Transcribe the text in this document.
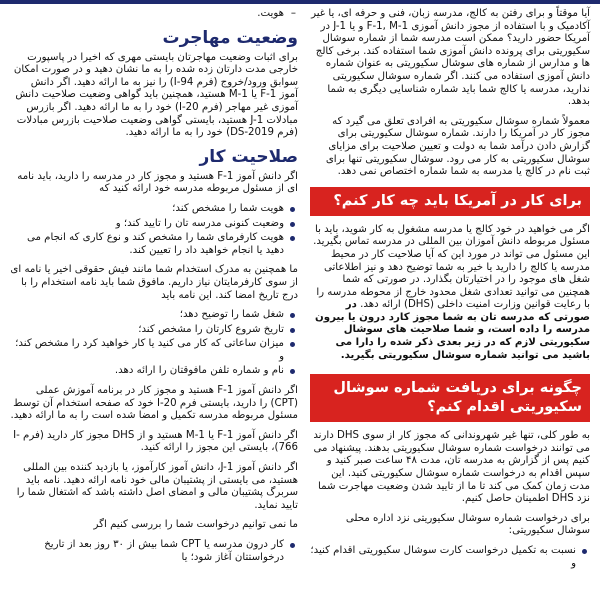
آیا موقتاً و برای رفتن به کالج، مدرسه زبان، فنی و حرفه ای، یا غیر آکادمیک و با استفاده از مجوز دانش آموزی F-1, M-1 و یا J-1 در آمریکا حضور دارید؟ ممکن است مدرسه شما از شماره سوشال سکیوریتی برای پرونده دانش آموزی شما استفاده کند. برخی کالج ها و مدارس از شماره های سوشال سکیوریتی به عنوان شماره دانش آموزی استفاده می کنند. اگر شماره سوشال سکیوریتی ندارید، مدرسه یا کالج شما باید شماره شناسایی دیگری به شما بدهد.

معمولاً شماره سوشال سکیوریتی به افرادی تعلق می گیرد که مجوز کار در آمریکا را دارند. شماره سوشال سکیوریتی برای گزارش دادن درآمد شما به دولت و تعیین صلاحیت برای مزایای سوشال سکیوریتی به کار می رود. سوشال سکیوریتی تنها برای ثبت نام در کالج یا مدرسه به شما شماره اختصاص نمی دهد.

برای کار در آمریکا باید چه کار کنم؟

اگر می خواهید در خود کالج یا مدرسه مشغول به کار شوید، باید با مسئول مربوطه دانش آموزان بین المللی در مدرسه تماس بگیرید. این مسئول می تواند در مورد این که آیا صلاحیت کار در محیط مدرسه یا کالج را دارید یا خیر به شما توضیح دهد و نیز اطلاعاتی شغل های موجود را در اختیارتان بگذارد. در صورتی که شما همچنین می توانید تعدادی شغل محدود خارج از محوطه مدرسه را با رعایت قوانین وزارت امنیت داخلی (DHS) ارائه دهد. در صورتی که مدرسه تان به شما مجوز کارد درون یا بیرون مدرسه را داده است، و شما صلاحیت های سوشال سکیوریتی لازم که در زیر بعدی ذکر شده را دارا می باشید می توانید شماره سوشال سکیوریتی بگیرید.

چگونه برای دریافت شماره سوشال سکیوریتی اقدام کنم؟

به طور کلی، تنها غیر شهروندانی که مجوز کار از سوی DHS دارند می توانند درخواست شماره سوشال سکیوریتی بدهند. پیشنهاد می کنیم پس از گزارش به مدرسه تان، مدت ۴۸ ساعت صبر کنید و سپس اقدام به درخواست شماره سوشال سکیوریتی کنید. این مدت زمان کمک می کند تا ما از تایید شدن وضعیت مهاجرت شما نزد DHS اطمینان حاصل کنیم.

برای درخواست شماره سوشال سکیوریتی نزد اداره محلی سوشال سکیوریتی:

نسبت به تکمیل درخواست کارت سوشال سکیوریتی اقدام کنید؛ و
– هویت.
وضعیت مهاجرت

برای اثبات وضعیت مهاجرتان بایستی مهری که اخیرا در پاسپورت خارجی مدت دارتان زده شده را به ما نشان دهید و در صورت امکان سوابق ورود/خروج (فرم I-94) را نیز به ما ارائه دهید. اگر دانش آموز F-1 یا M-1 هستید، همچنین باید گواهی وضعیت صلاحیت دانش آموزی غیر مهاجر (فرم I-20) خود را به ما ارائه دهید. اگر بازرس مبادلات J-1 هستید، بایستی گواهی وضعیت صلاحیت بازرس مبادلات (فرم DS-2019) خود را به ما ارائه دهید.

صلاحیت کار

اگر دانش آموز F-1 هستید و مجوز کار در مدرسه را دارید، باید نامه ای از مسئول مربوطه مدرسه خود ارائه کنید که

هویت شما را مشخص کند؛
وضعیت کنونی مدرسه تان را تایید کند؛ و
هویت کارفرمای شما را مشخص کند و نوع کاری که انجام می دهید یا انجام خواهید داد را تعیین کند.

ما همچنین به مدرک استخدام شما مانند فیش حقوقی اخیر یا نامه ای از سوی کارفرمایتان نیاز داریم. مافوق شما باید نامه استخدام را با درج تاریخ امضا کند. این نامه باید

شغل شما را توضیح دهد؛
تاریخ شروع کارتان را مشخص کند؛
میزان ساعاتی که کار می کنید یا کار خواهید کرد را مشخص کند؛ و
نام و شماره تلفن مافوقتان را ارائه دهد.

اگر دانش آموز F-1 هستید و مجوز کار در برنامه آموزش عملی (CPT) را دارید، بایستی فرم I-20 خود که صفحه استخدام آن توسط مسئول مربوطه مدرسه تکمیل و امضا شده است را به ما ارائه دهید.

اگر دانش آموز F-1 یا M-1 هستید و از DHS مجوز کار دارید (فرم I-766)، بایستی این مجوز را ارائه کنید.

اگر دانش آموز J-1، دانش آموز کارآموز، یا بازدید کننده بین المللی هستید، می بایستی از پشتیبان مالی خود نامه ارائه دهید. نامه باید سربرگ پشتیبان مالی و امضای اصل داشته باشد که اشتغال شما را تایید نماید.

ما نمی توانیم درخواست شما را بررسی کنیم اگر

کار درون مدرسه یا CPT شما بیش از ۳۰ روز بعد از تاریخ درخواستتان آغاز شود؛ یا
